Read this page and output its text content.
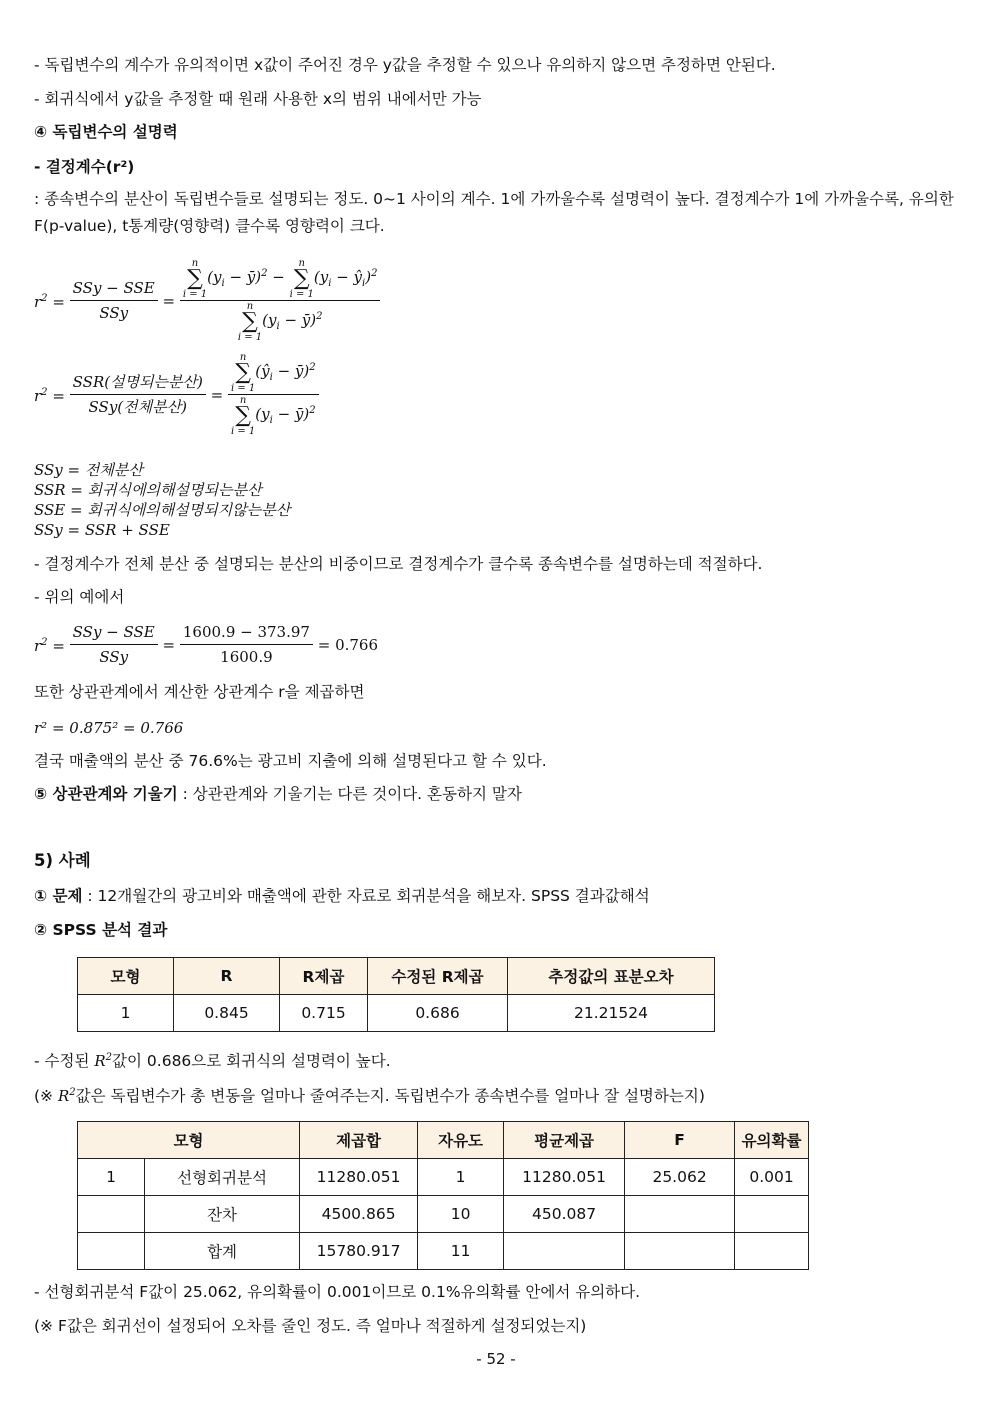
- 독립변수의 계수가 유의적이면 x값이 주어진 경우 y값을 추정할 수 있으나 유의하지 않으면 추정하면 안된다.
- 회귀식에서 y값을 추정할 때 원래 사용한 x의 범위 내에서만 가능
④ 독립변수의 설명력
- 결정계수(r²)
: 종속변수의 분산이 독립변수들로 설명되는 정도. 0~1 사이의 계수. 1에 가까울수록 설명력이 높다. 결정계수가 1에 가까울수록, 유의한F(p-value), t통계량(영향력) 클수록 영향력이 크다.
$r^2 = \frac{\text{SSy − SSE}}{\text{SSy}}$ =
n
∑
i = 1
($y_i$ − ȳ)$^2$ −
n
∑
i = 1
($y_i$ − $ŷ_i)^2$
n
∑
i = 1
($y_i$ − ȳ)$^2$
$r^2 = \frac{\text{SSR(설명되는분산)}}{\text{SSy(전체분산)}} = n$
∑
i = 1
($ŷ_i$ − ȳ)$^2$
n
∑
i = 1
($y_i$ − ȳ)$^2$
SSy = 전체분산
SSR = 회귀식에의해설명되는분산
SSE = 회귀식에의해설명되지않는분산
SSy = SSR + SSE
- 결정계수가 전체 분산 중 설명되는 분산의 비중이므로 결정계수가 클수록 종속변수를 설명하는데 적절하다.
- 위의 예에서
$r^2 = \frac{\text{SSy − SSE}}{\text{SSy}} = \frac{1600.9 - 373.97}{1600.9}$
= 0.766
또한 상관관계에서 계산한 상관계수 r을 제곱하면
r² = 0.875² = 0.766
결국 매출액의 분산 중 76.6%는 광고비 지출에 의해 설명된다고 할 수 있다.
⑤ 상관관계와 기울기 : 상관관계와 기울기는 다른 것이다. 혼동하지 말자
5) 사례
① 문제 : 12개월간의 광고비와 매출액에 관한 자료로 회귀분석을 해보자. SPSS 결과값해석
② SPSS 분석 결과
모형	R	R제곱	수정된 R제곱	추정값의 표분오차
1	0.845	0.715	0.686	21.21524
- 수정된 $R^2$값이 0.686으로 회귀식의 설명력이 높다.
(※ $R^2$값은 독립변수가 총 변동을 얼마나 줄여주는지. 독립변수가 종속변수를 얼마나 잘 설명하는지)
모형		제곱합	자유도	평균제곱	F	유의확률
1	선형회귀분석	11280.051	1	11280.051	25.062	0.001
	잔차	4500.865	10	450.087		
	합계	15780.917	11			
- 선형회귀분석 F값이 25.062, 유의확률이 0.001이므로 0.1%유의확률 안에서 유의하다.
(※ F값은 회귀선이 설정되어 오차를 줄인 정도. 즉 얼마나 적절하게 설정되었는지)
- 52 -
